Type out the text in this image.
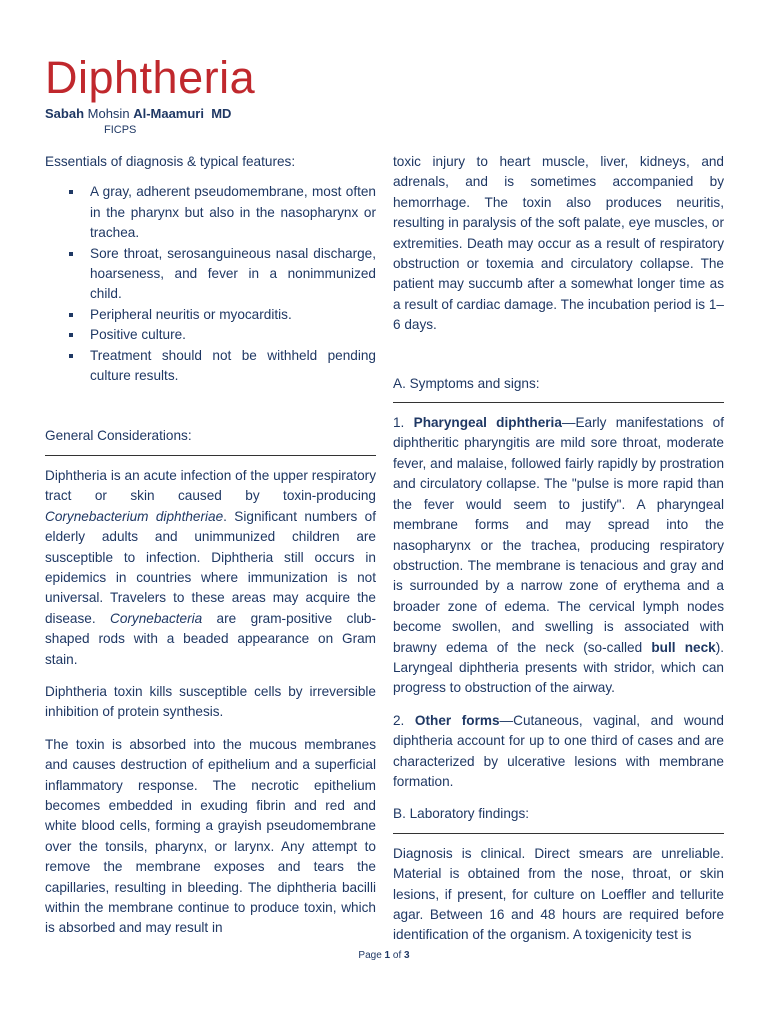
Diphtheria
Sabah Mohsin Al-Maamuri MD
FICPS

Essentials of diagnosis & typical features:

A gray, adherent pseudomembrane, most often in the pharynx but also in the nasopharynx or trachea.
Sore throat, serosanguineous nasal discharge, hoarseness, and fever in a nonimmunized child.
Peripheral neuritis or myocarditis.
Positive culture.
Treatment should not be withheld pending culture results.

General Considerations:

Diphtheria is an acute infection of the upper respiratory tract or skin caused by toxin-producing Corynebacterium diphtheriae. Significant numbers of elderly adults and unimmunized children are susceptible to infection. Diphtheria still occurs in epidemics in countries where immunization is not universal. Travelers to these areas may acquire the disease. Corynebacteria are gram-positive club-shaped rods with a beaded appearance on Gram stain.

Diphtheria toxin kills susceptible cells by irreversible inhibition of protein synthesis.

The toxin is absorbed into the mucous membranes and causes destruction of epithelium and a superficial inflammatory response. The necrotic epithelium becomes embedded in exuding fibrin and red and white blood cells, forming a grayish pseudomembrane over the tonsils, pharynx, or larynx. Any attempt to remove the membrane exposes and tears the capillaries, resulting in bleeding. The diphtheria bacilli within the membrane continue to produce toxin, which is absorbed and may result in

toxic injury to heart muscle, liver, kidneys, and adrenals, and is sometimes accompanied by hemorrhage. The toxin also produces neuritis, resulting in paralysis of the soft palate, eye muscles, or extremities. Death may occur as a result of respiratory obstruction or toxemia and circulatory collapse. The patient may succumb after a somewhat longer time as a result of cardiac damage. The incubation period is 1–6 days.

A. Symptoms and signs:

1. Pharyngeal diphtheria—Early manifestations of diphtheritic pharyngitis are mild sore throat, moderate fever, and malaise, followed fairly rapidly by prostration and circulatory collapse. The "pulse is more rapid than the fever would seem to justify". A pharyngeal membrane forms and may spread into the nasopharynx or the trachea, producing respiratory obstruction. The membrane is tenacious and gray and is surrounded by a narrow zone of erythema and a broader zone of edema. The cervical lymph nodes become swollen, and swelling is associated with brawny edema of the neck (so-called bull neck). Laryngeal diphtheria presents with stridor, which can progress to obstruction of the airway.

2. Other forms—Cutaneous, vaginal, and wound diphtheria account for up to one third of cases and are characterized by ulcerative lesions with membrane formation.

B. Laboratory findings:

Diagnosis is clinical. Direct smears are unreliable. Material is obtained from the nose, throat, or skin lesions, if present, for culture on Loeffler and tellurite agar. Between 16 and 48 hours are required before identification of the organism. A toxigenicity test is

Page 1 of 3
